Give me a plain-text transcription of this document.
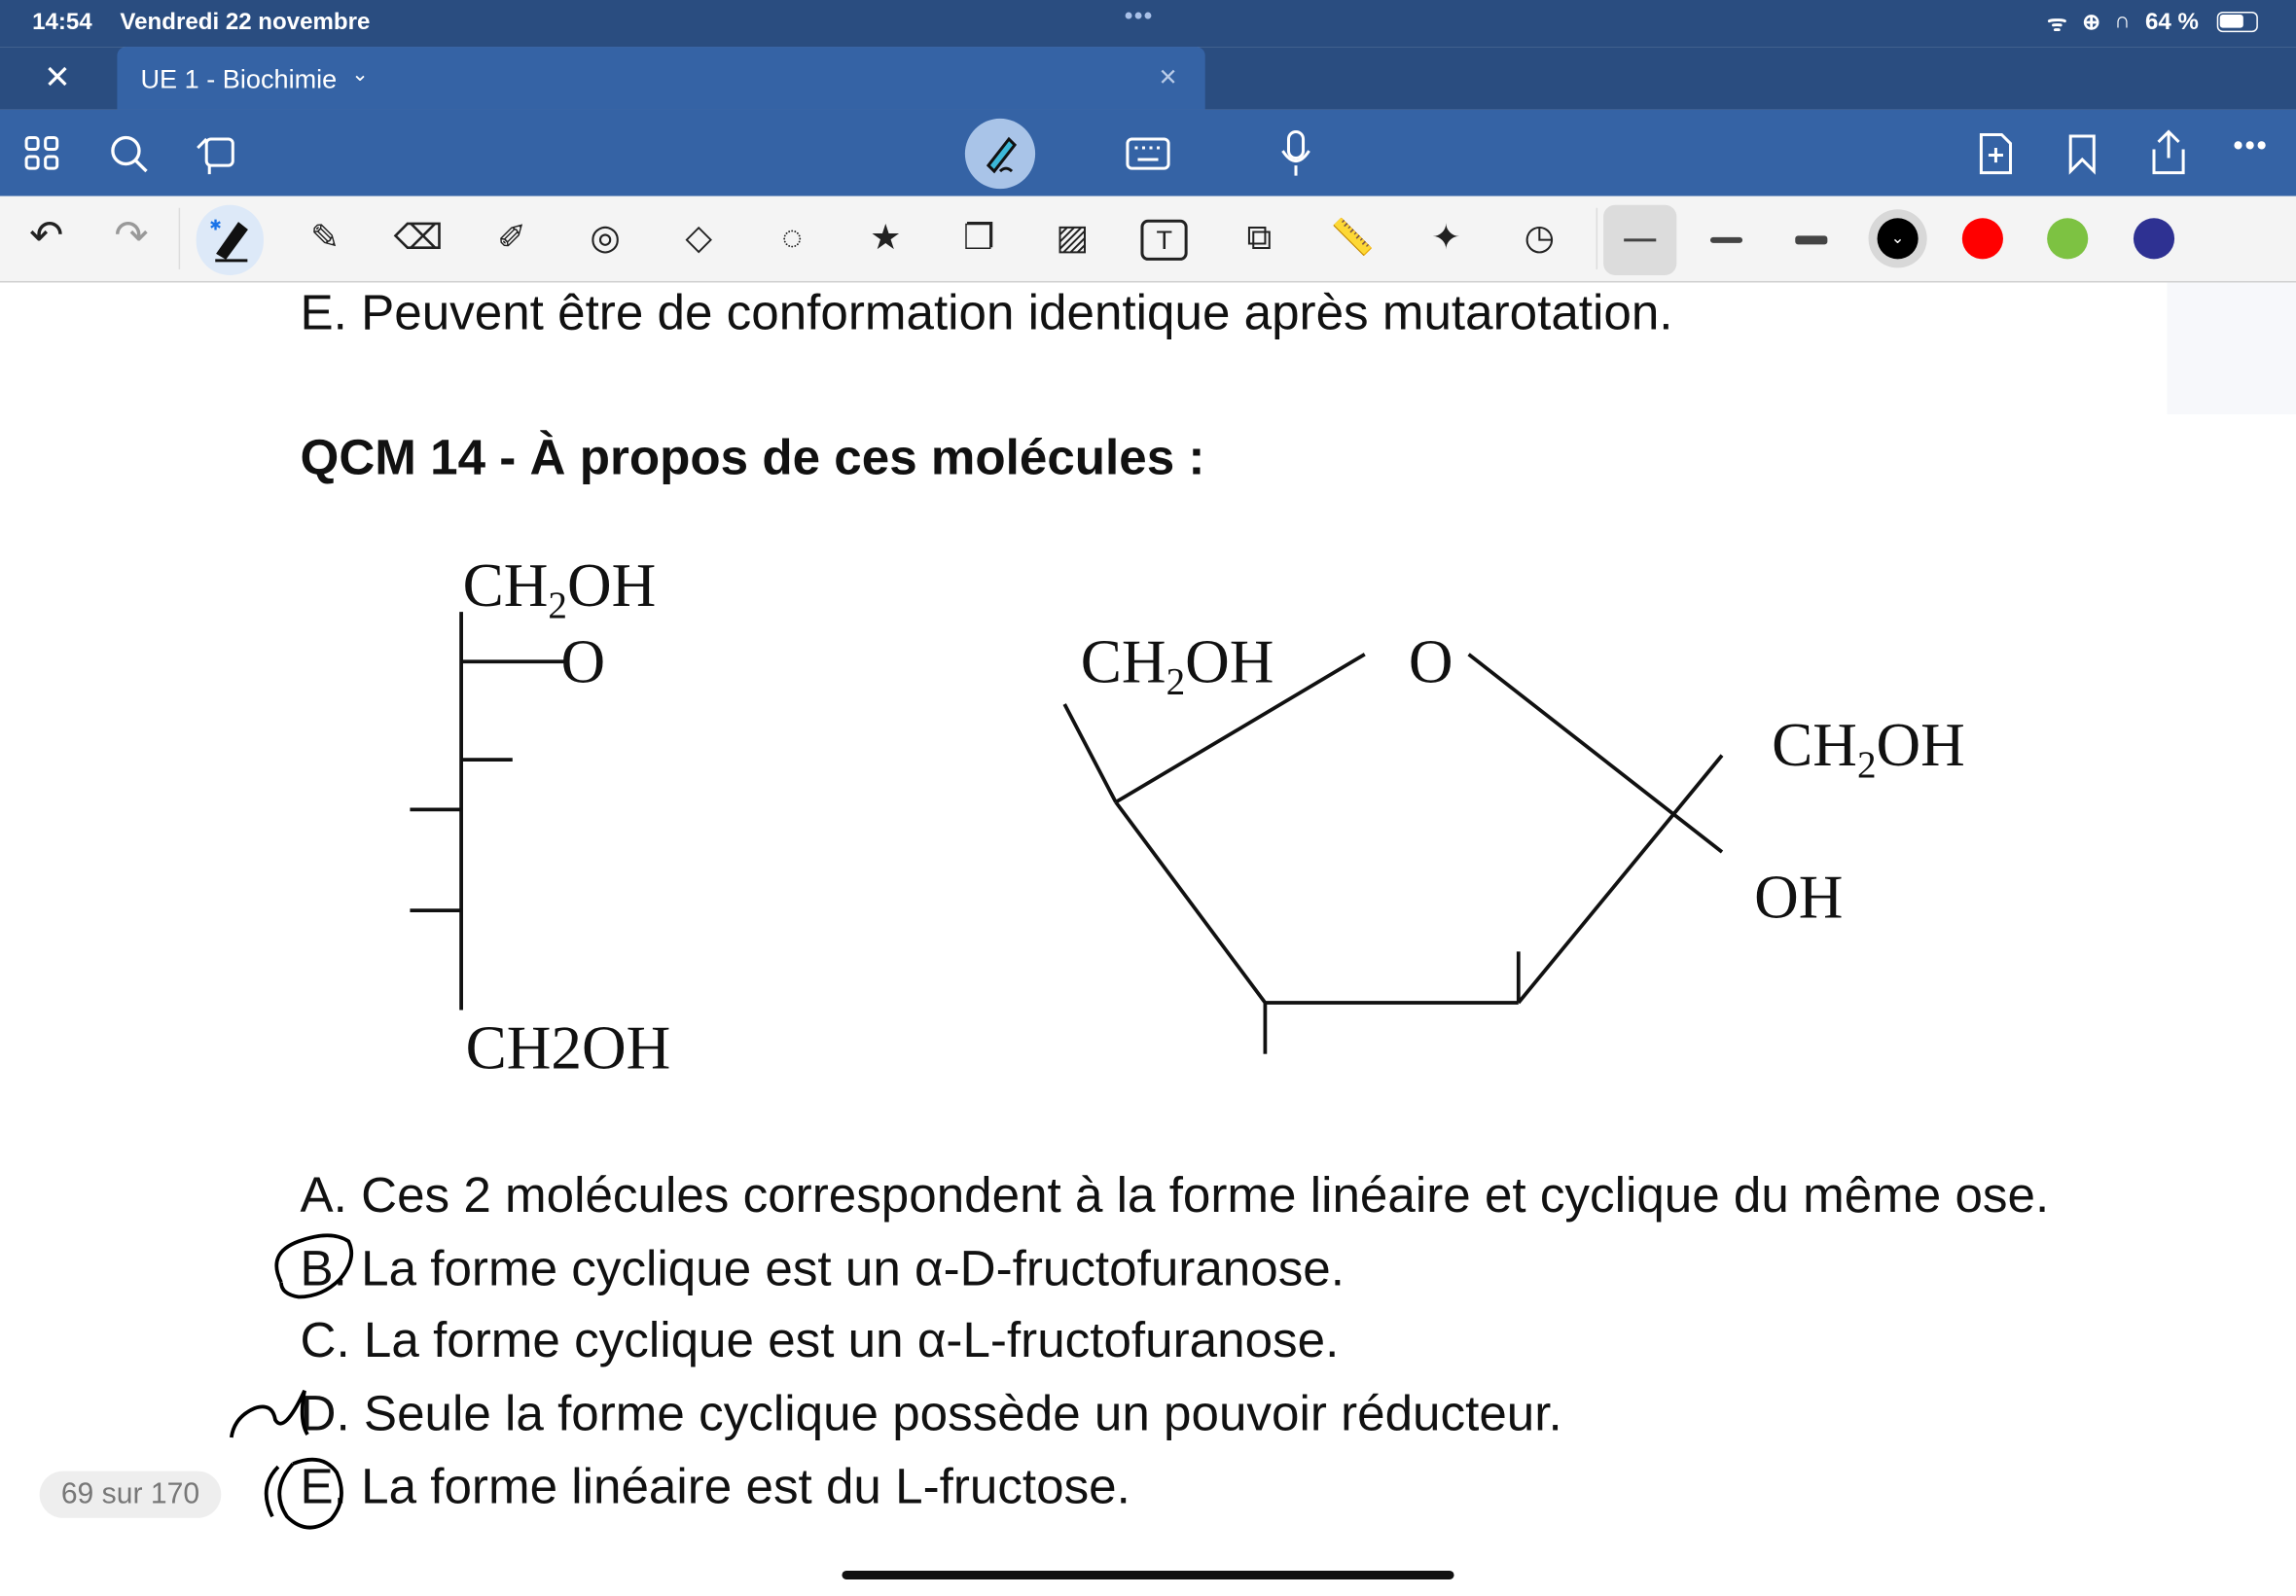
14:54 Vendredi 22 novembre	•••	ᯤ ⊕ ∩ 64 %
✕	UE 1 - Biochimie ⌄	✕
•••
↶ ↷	✱	✎	⌫	✐	◎	◇	◌	★	❐	▨	T	⧉	📏	✦	◷	⌄
E. Peuvent être de conformation identique après mutarotation.
QCM 14 - À propos de ces molécules :
CH2OH
O
CH2OH
CH2OH	O
CH2OH
OH
A. Ces 2 molécules correspondent à la forme linéaire et cyclique du même ose.
B. La forme cyclique est un α-D-fructofuranose.
C. La forme cyclique est un α-L-fructofuranose.
D. Seule la forme cyclique possède un pouvoir réducteur.
E. La forme linéaire est du L-fructose.
69 sur 170
